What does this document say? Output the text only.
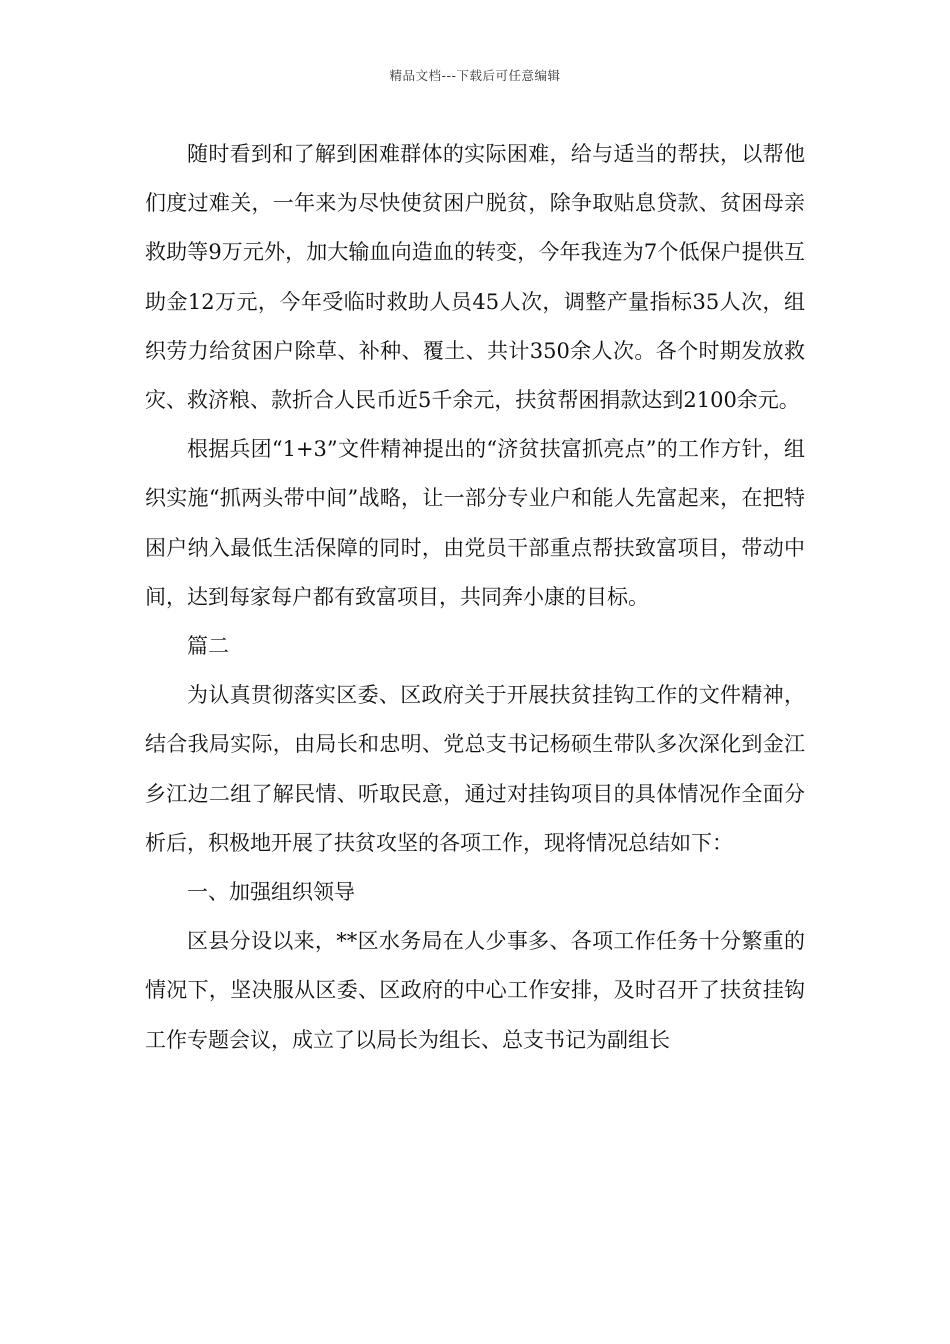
精品文档---下载后可任意编辑

随时看到和了解到困难群体的实际困难，给与适当的帮扶，以帮他们度过难关，一年来为尽快使贫困户脱贫，除争取贴息贷款、贫困母亲救助等9万元外，加大输血向造血的转变，今年我连为7个低保户提供互助金12万元，今年受临时救助人员45人次，调整产量指标35人次，组织劳力给贫困户除草、补种、覆土、共计350余人次。各个时期发放救灾、救济粮、款折合人民币近5千余元，扶贫帮困捐款达到2100余元。

根据兵团“1+3”文件精神提出的“济贫扶富抓亮点”的工作方针，组织实施“抓两头带中间”战略，让一部分专业户和能人先富起来，在把特困户纳入最低生活保障的同时，由党员干部重点帮扶致富项目，带动中间，达到每家每户都有致富项目，共同奔小康的目标。

篇二

为认真贯彻落实区委、区政府关于开展扶贫挂钩工作的文件精神，结合我局实际，由局长和忠明、党总支书记杨硕生带队多次深化到金江乡江边二组了解民情、听取民意，通过对挂钩项目的具体情况作全面分析后，积极地开展了扶贫攻坚的各项工作，现将情况总结如下：

一、加强组织领导

区县分设以来，**区水务局在人少事多、各项工作任务十分繁重的情况下，坚决服从区委、区政府的中心工作安排，及时召开了扶贫挂钩工作专题会议，成立了以局长为组长、总支书记为副组长
